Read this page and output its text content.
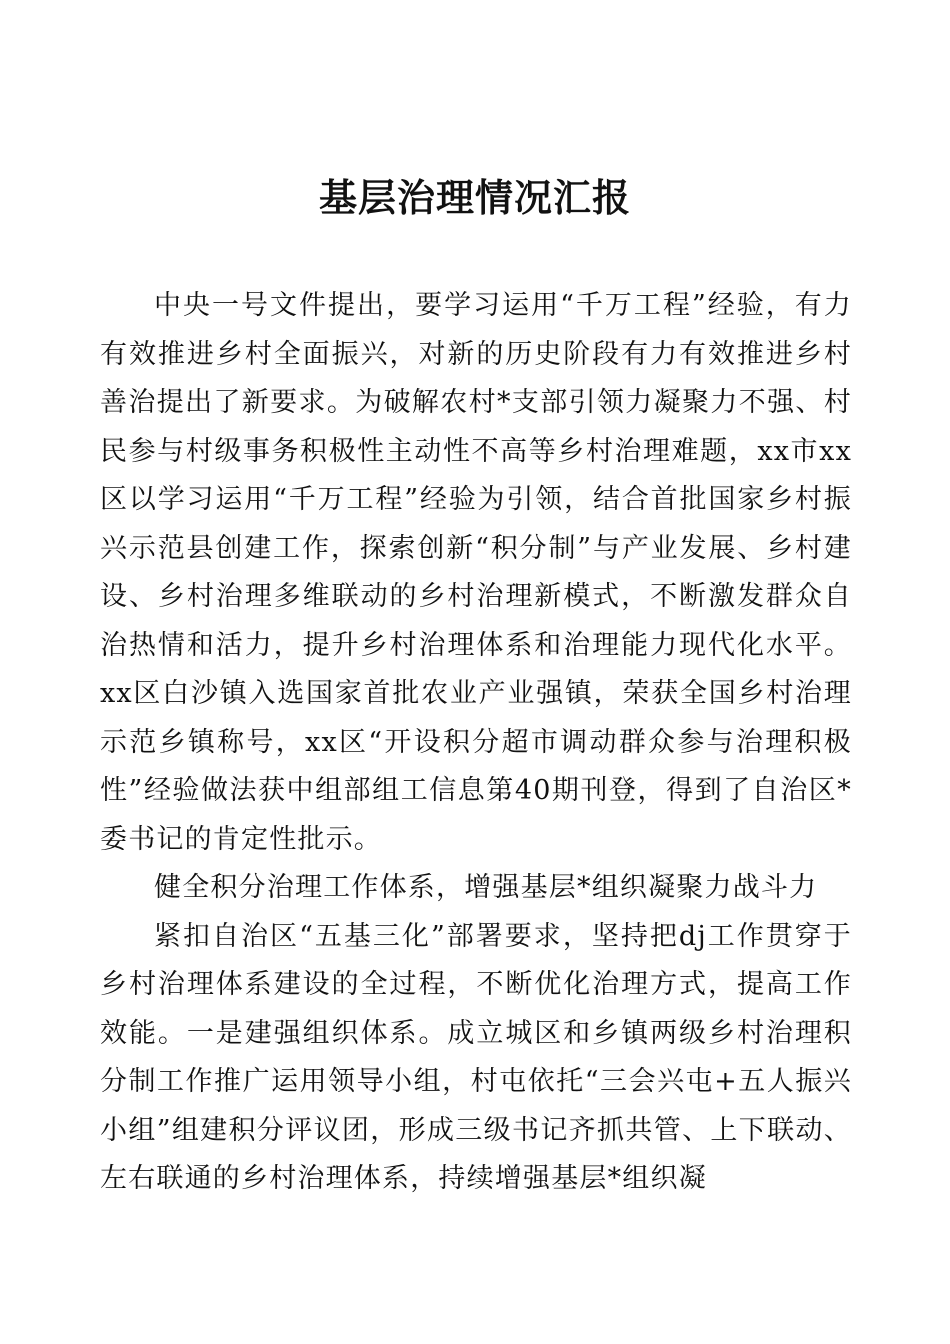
基层治理情况汇报

中央一号文件提出，要学习运用“千万工程”经验，有力有效推进乡村全面振兴，对新的历史阶段有力有效推进乡村善治提出了新要求。为破解农村*支部引领力凝聚力不强、村民参与村级事务积极性主动性不高等乡村治理难题，xx市xx区以学习运用“千万工程”经验为引领，结合首批国家乡村振兴示范县创建工作，探索创新“积分制”与产业发展、乡村建设、乡村治理多维联动的乡村治理新模式，不断激发群众自治热情和活力，提升乡村治理体系和治理能力现代化水平。xx区白沙镇入选国家首批农业产业强镇，荣获全国乡村治理示范乡镇称号，xx区“开设积分超市调动群众参与治理积极性”经验做法获中组部组工信息第40期刊登，得到了自治区*委书记的肯定性批示。

健全积分治理工作体系，增强基层*组织凝聚力战斗力

紧扣自治区“五基三化”部署要求，坚持把dj工作贯穿于乡村治理体系建设的全过程，不断优化治理方式，提高工作效能。一是建强组织体系。成立城区和乡镇两级乡村治理积分制工作推广运用领导小组，村屯依托“三会兴屯+五人振兴小组”组建积分评议团，形成三级书记齐抓共管、上下联动、左右联通的乡村治理体系，持续增强基层*组织凝
